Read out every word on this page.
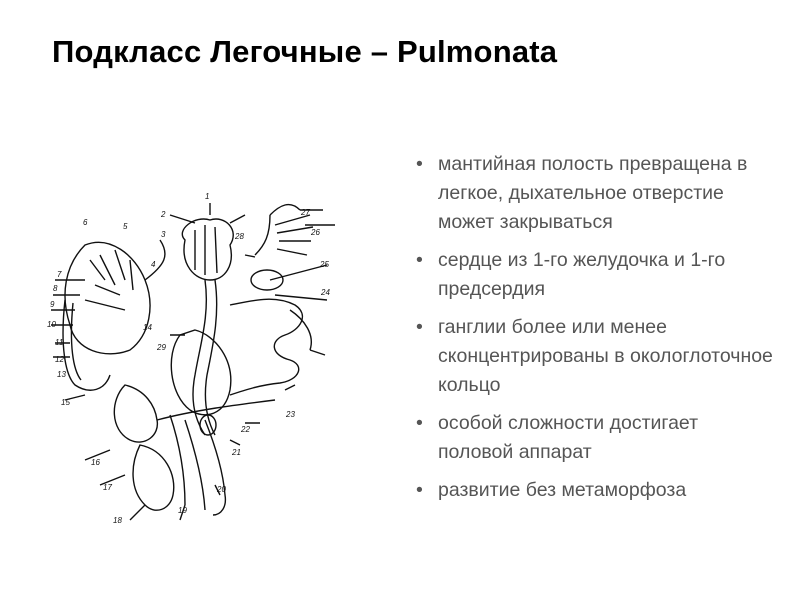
Подкласс Легочные – Pulmonata
1
2
3
4
5
6
7
8
9
10
11
12
13
14
15
16
17
18
19
20
21
22
23
24
25
26
27
28
29
• мантийная полость превращена в легкое, дыхательное отверстие может закрываться
• сердце из 1-го желудочка и 1-го предсердия
• ганглии более или менее сконцентрированы в окологлоточное кольцо
• особой сложности достигает половой аппарат
• развитие без метаморфоза
